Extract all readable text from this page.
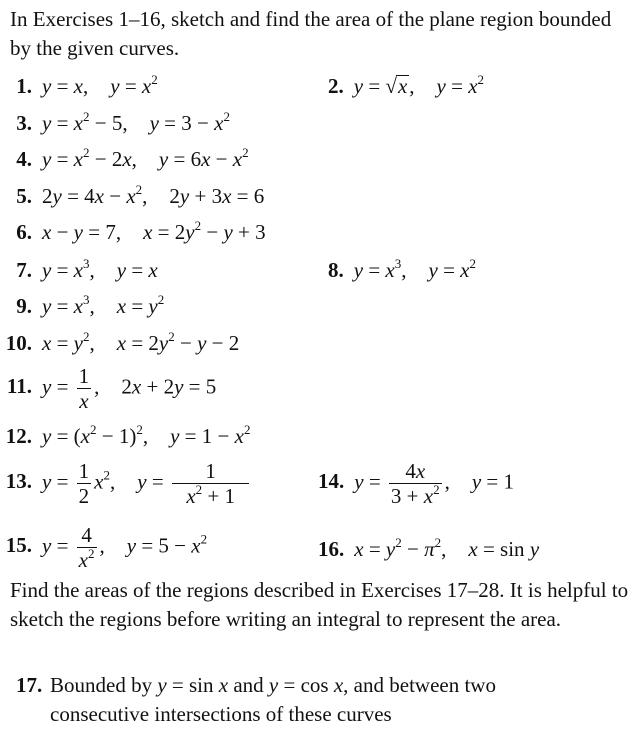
In Exercises 1–16, sketch and find the area of the plane region bounded by the given curves.
1. y = x, $y = x^2$	2. y = √x, $y = x^2$
3. $y = x^2 - 5$, $y = 3 - x^2$
4. $y = x^2 - 2x$, $y = 6x - x^2$
5. $2y = 4x - x^2$, 2y + 3x = 6
6. x − y = 7, $x = 2y^2 - y + 3$
7. $y = x^3$, y = x	8. $y = x^3$, $y = x^2$
9. $y = x^3$, $x = y^2$
10. $x = y^2$, $x = 2y^2 - y - 2$
11. $y = \frac{1}{x}$ , 2x + 2y = 5
12. $y = (x^2 - 1)^2$, $y = 1 - x^2$
13. $y = \frac{1}{2} x^2$, $y = \frac{1}{x^2 + 1}$	14. $y = \frac{4x}{3 + x^2}$ , y = 1
15. $y = \frac{4}{x^2}$ , $y = 5 - x^2$	16. $x = y^2 - \pi^2$, x = sin y
Find the areas of the regions described in Exercises 17–28. It is helpful to sketch the regions before writing an integral to represent the area.
17. Bounded by y = sin x and y = cos x, and between two
consecutive intersections of these curves
